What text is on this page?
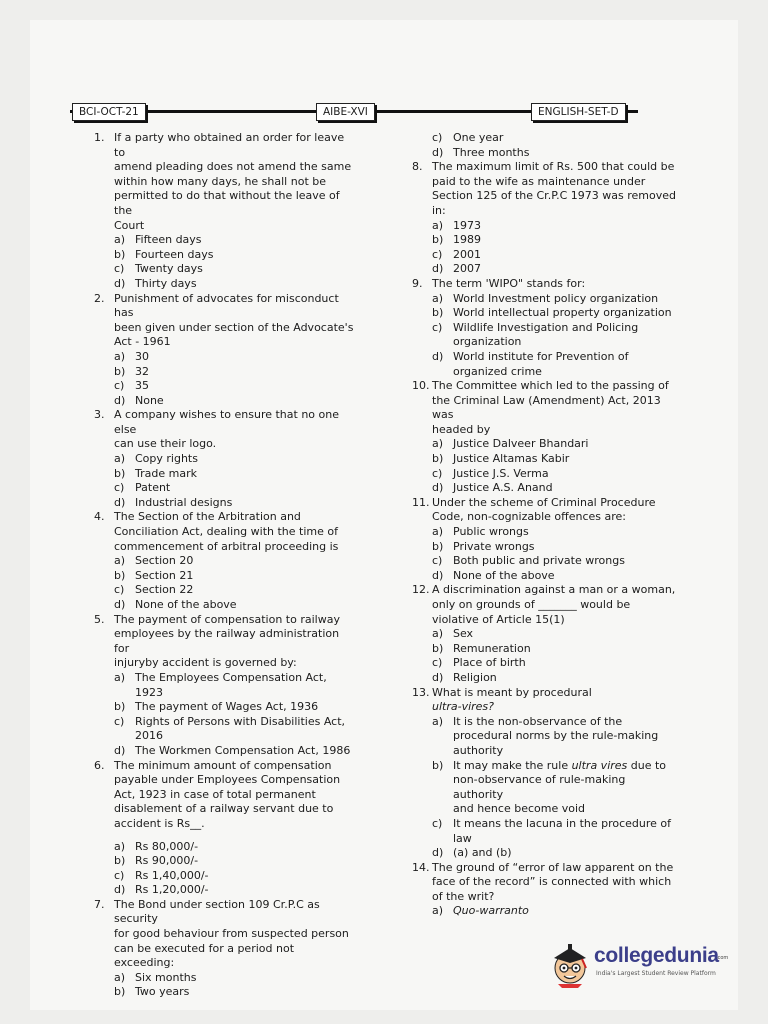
BCI-OCT-21	AIBE-XVI	ENGLISH-SET-D
1. If a party who obtained an order for leave to
amend pleading does not amend the same
within how many days, he shall not be
permitted to do that without the leave of the
Court
a) Fifteen days
b) Fourteen days
c) Twenty days
d) Thirty days
2. Punishment of advocates for misconduct has
been given under section of the Advocate's
Act - 1961
a) 30
b) 32
c) 35
d) None
3. A company wishes to ensure that no one else
can use their logo.
a) Copy rights
b) Trade mark
c) Patent
d) Industrial designs
4. The Section of the Arbitration and
Conciliation Act, dealing with the time of
commencement of arbitral proceeding is
a) Section 20
b) Section 21
c) Section 22
d) None of the above
5. The payment of compensation to railway
employees by the railway administration for
injuryby accident is governed by:
a) The Employees Compensation Act, 1923
b) The payment of Wages Act, 1936
c) Rights of Persons with Disabilities Act,
2016
d) The Workmen Compensation Act, 1986
6. The minimum amount of compensation
payable under Employees Compensation
Act, 1923 in case of total permanent
disablement of a railway servant due to
accident is Rs__.
a) Rs 80,000/-
b) Rs 90,000/-
c) Rs 1,40,000/-
d) Rs 1,20,000/-
7. The Bond under section 109 Cr.P.C as security
for good behaviour from suspected person
can be executed for a period not exceeding:
a) Six months
b) Two years
c) One year
d) Three months
8. The maximum limit of Rs. 500 that could be
paid to the wife as maintenance under
Section 125 of the Cr.P.C 1973 was removed
in:
a) 1973
b) 1989
c) 2001
d) 2007
9. The term 'WIPO" stands for:
a) World Investment policy organization
b) World intellectual property organization
c) Wildlife Investigation and Policing
organization
d) World institute for Prevention of
organized crime
10. The Committee which led to the passing of
the Criminal Law (Amendment) Act, 2013 was
headed by
a) Justice Dalveer Bhandari
b) Justice Altamas Kabir
c) Justice J.S. Verma
d) Justice A.S. Anand
11. Under the scheme of Criminal Procedure
Code, non-cognizable offences are:
a) Public wrongs
b) Private wrongs
c) Both public and private wrongs
d) None of the above
12. A discrimination against a man or a woman,
only on grounds of _______ would be
violative of Article 15(1)
a) Sex
b) Remuneration
c) Place of birth
d) Religion
13. What is meant by procedural
ultra-vires?
a) It is the non-observance of the
procedural norms by the rule-making
authority
b) It may make the rule ultra vires due to
non-observance of rule-making authority
and hence become void
c) It means the lacuna in the procedure of
law
d) (a) and (b)
14. The ground of “error of law apparent on the
face of the record” is connected with which
of the writ?
a) Quo-warranto
collegedunia
.com
India's Largest Student Review Platform
